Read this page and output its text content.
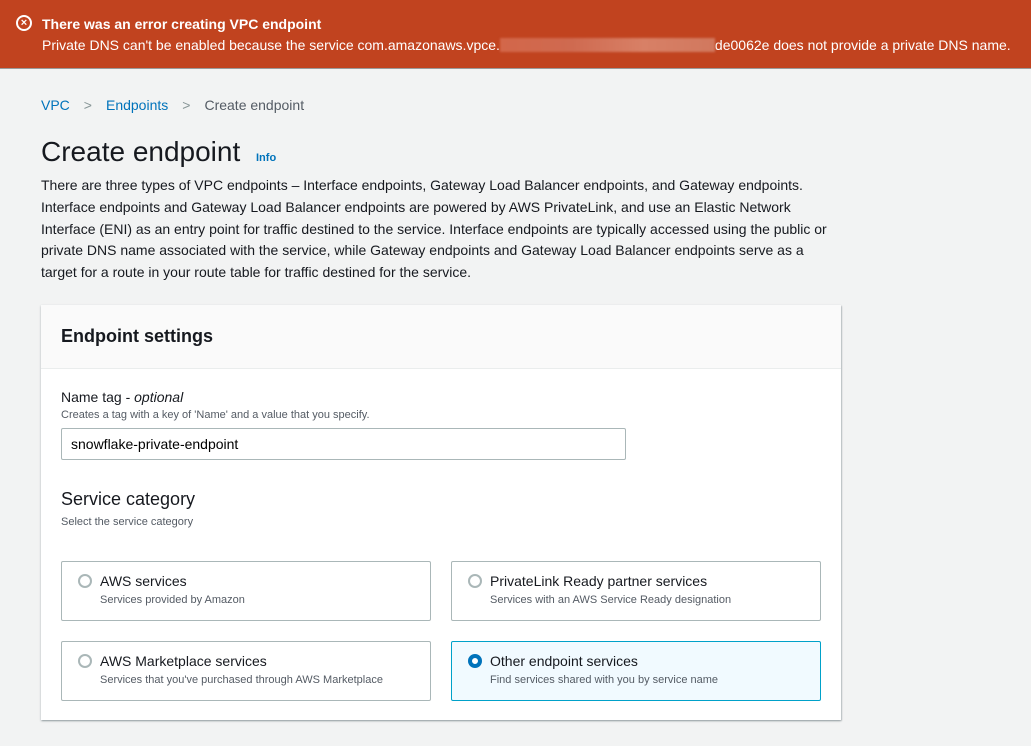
×	There was an error creating VPC endpoint
Private DNS can't be enabled because the service com.amazonaws.vpce.	de0062e does not provide a private DNS name.
VPC > Endpoints > Create endpoint
Create endpoint Info

There are three types of VPC endpoints – Interface endpoints, Gateway Load Balancer endpoints, and Gateway endpoints. Interface endpoints and Gateway Load Balancer endpoints are powered by AWS PrivateLink, and use an Elastic Network Interface (ENI) as an entry point for traffic destined to the service. Interface endpoints are typically accessed using the public or private DNS name associated with the service, while Gateway endpoints and Gateway Load Balancer endpoints serve as a target for a route in your route table for traffic destined for the service.

Endpoint settings
Name tag - optional
Creates a tag with a key of 'Name' and a value that you specify.
snowflake-private-endpoint
Service category
Select the service category
AWS services
Services provided by Amazon
PrivateLink Ready partner services
Services with an AWS Service Ready designation
AWS Marketplace services
Services that you've purchased through AWS Marketplace
Other endpoint services
Find services shared with you by service name
